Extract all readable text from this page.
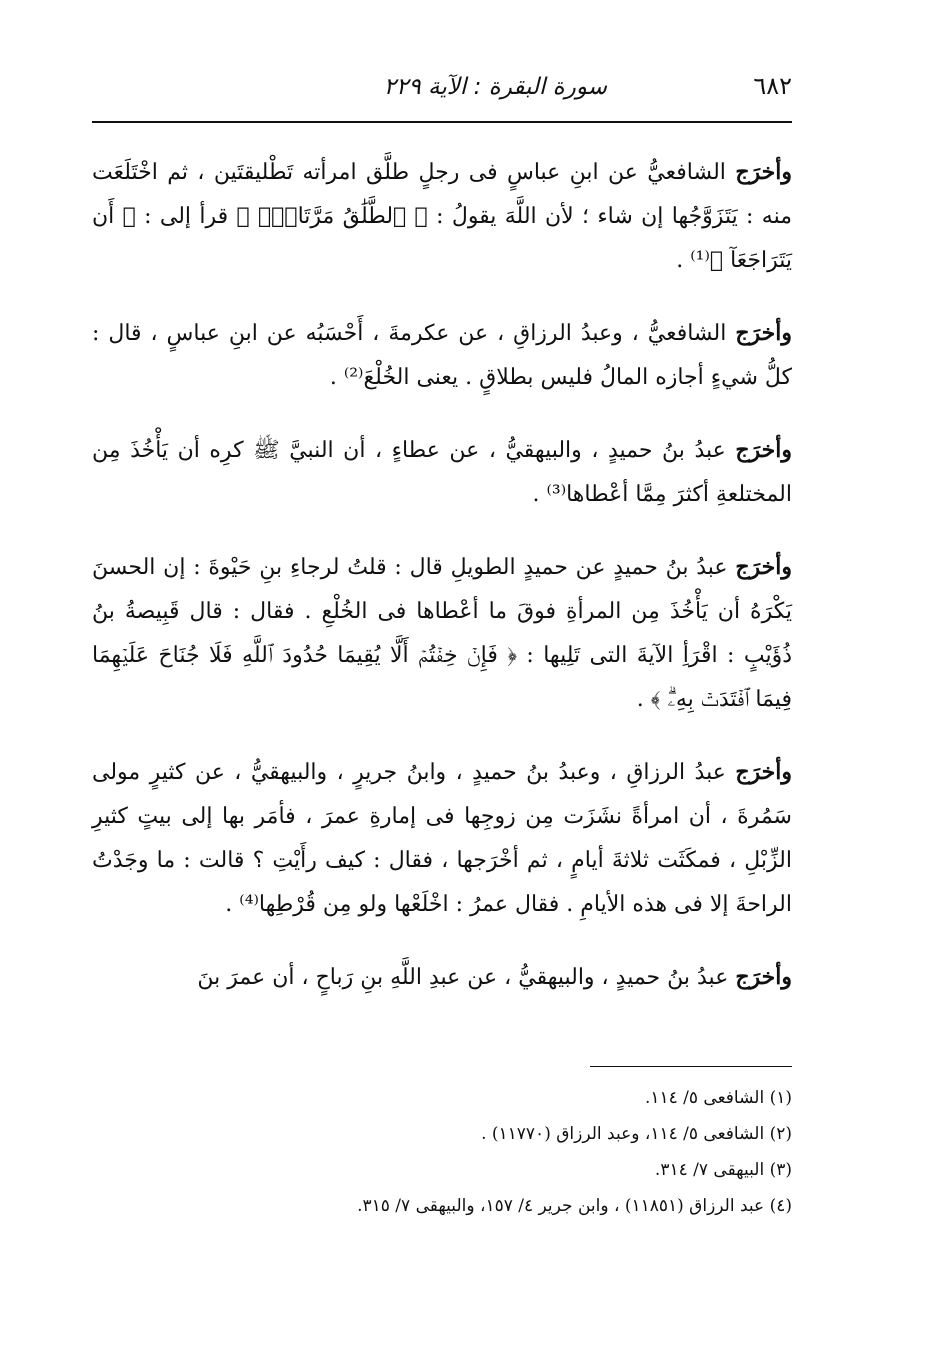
٦٨٢
سورة البقرة : الآية ٢٢٩

وأخرَج الشافعيُّ عن ابنِ عباسٍ فى رجلٍ طلَّق امرأته تَطْليقتَين ، ثم اخْتَلَعَت منه : يَتَزَوَّجُها إن شاء ؛ لأن اللَّهَ يقولُ : ﴿ ٱلطَّلَٰقُ مَرَّتَانِۖ ﴾ قرأ إلى : ﴿ أَن يَتَرَاجَعَآ ﴾⁽¹⁾ .

وأخرَج الشافعيُّ ، وعبدُ الرزاقِ ، عن عكرمةَ ، أَحْسَبُه عن ابنِ عباسٍ ، قال : كلُّ شيءٍ أجازه المالُ فليس بطلاقٍ . يعنى الخُلْعَ⁽²⁾ .

وأخرَج عبدُ بنُ حميدٍ ، والبيهقيُّ ، عن عطاءٍ ، أن النبيَّ ﷺ كرِه أن يَأْخُذَ مِن المختلعةِ أكثرَ مِمَّا أعْطاها⁽³⁾ .

وأخرَج عبدُ بنُ حميدٍ عن حميدٍ الطويلِ قال : قلتُ لرجاءِ بنِ حَيْوةَ : إن الحسنَ يَكْرَهُ أن يَأْخُذَ مِن المرأةِ فوقَ ما أعْطاها فى الخُلْعِ . فقال : قال قَبِيصةُ بنُ ذُؤَيْبٍ : اقْرَأِ الآيةَ التى تَلِيها : ﴿ فَإِنۡ خِفۡتُمۡ أَلَّا يُقِيمَا حُدُودَ ٱللَّهِ فَلَا جُنَاحَ عَلَيۡهِمَا فِيمَا ٱفۡتَدَتۡ بِهِۦۗ ﴾ .

وأخرَج عبدُ الرزاقِ ، وعبدُ بنُ حميدٍ ، وابنُ جريرٍ ، والبيهقيُّ ، عن كثيرٍ مولى سَمُرةَ ، أن امرأةً نشَزَت مِن زوجِها فى إمارةِ عمرَ ، فأمَر بها إلى بيتٍ كثيرِ الزِّبْلِ ، فمكَثَت ثلاثةَ أيامٍ ، ثم أخْرَجها ، فقال : كيف رأَيْتِ ؟ قالت : ما وجَدْتُ الراحةَ إلا فى هذه الأيامِ . فقال عمرُ : اخْلَعْها ولو مِن قُرْطِها⁽⁴⁾ .

وأخرَج عبدُ بنُ حميدٍ ، والبيهقيُّ ، عن عبدِ اللَّهِ بنِ رَباحٍ ، أن عمرَ بنَ

(١) الشافعى ٥/ ١١٤.

(٢) الشافعى ٥/ ١١٤، وعبد الرزاق (١١٧٧٠) .

(٣) البيهقى ٧/ ٣١٤.

(٤) عبد الرزاق (١١٨٥١) ، وابن جرير ٤/ ١٥٧، والبيهقى ٧/ ٣١٥.
